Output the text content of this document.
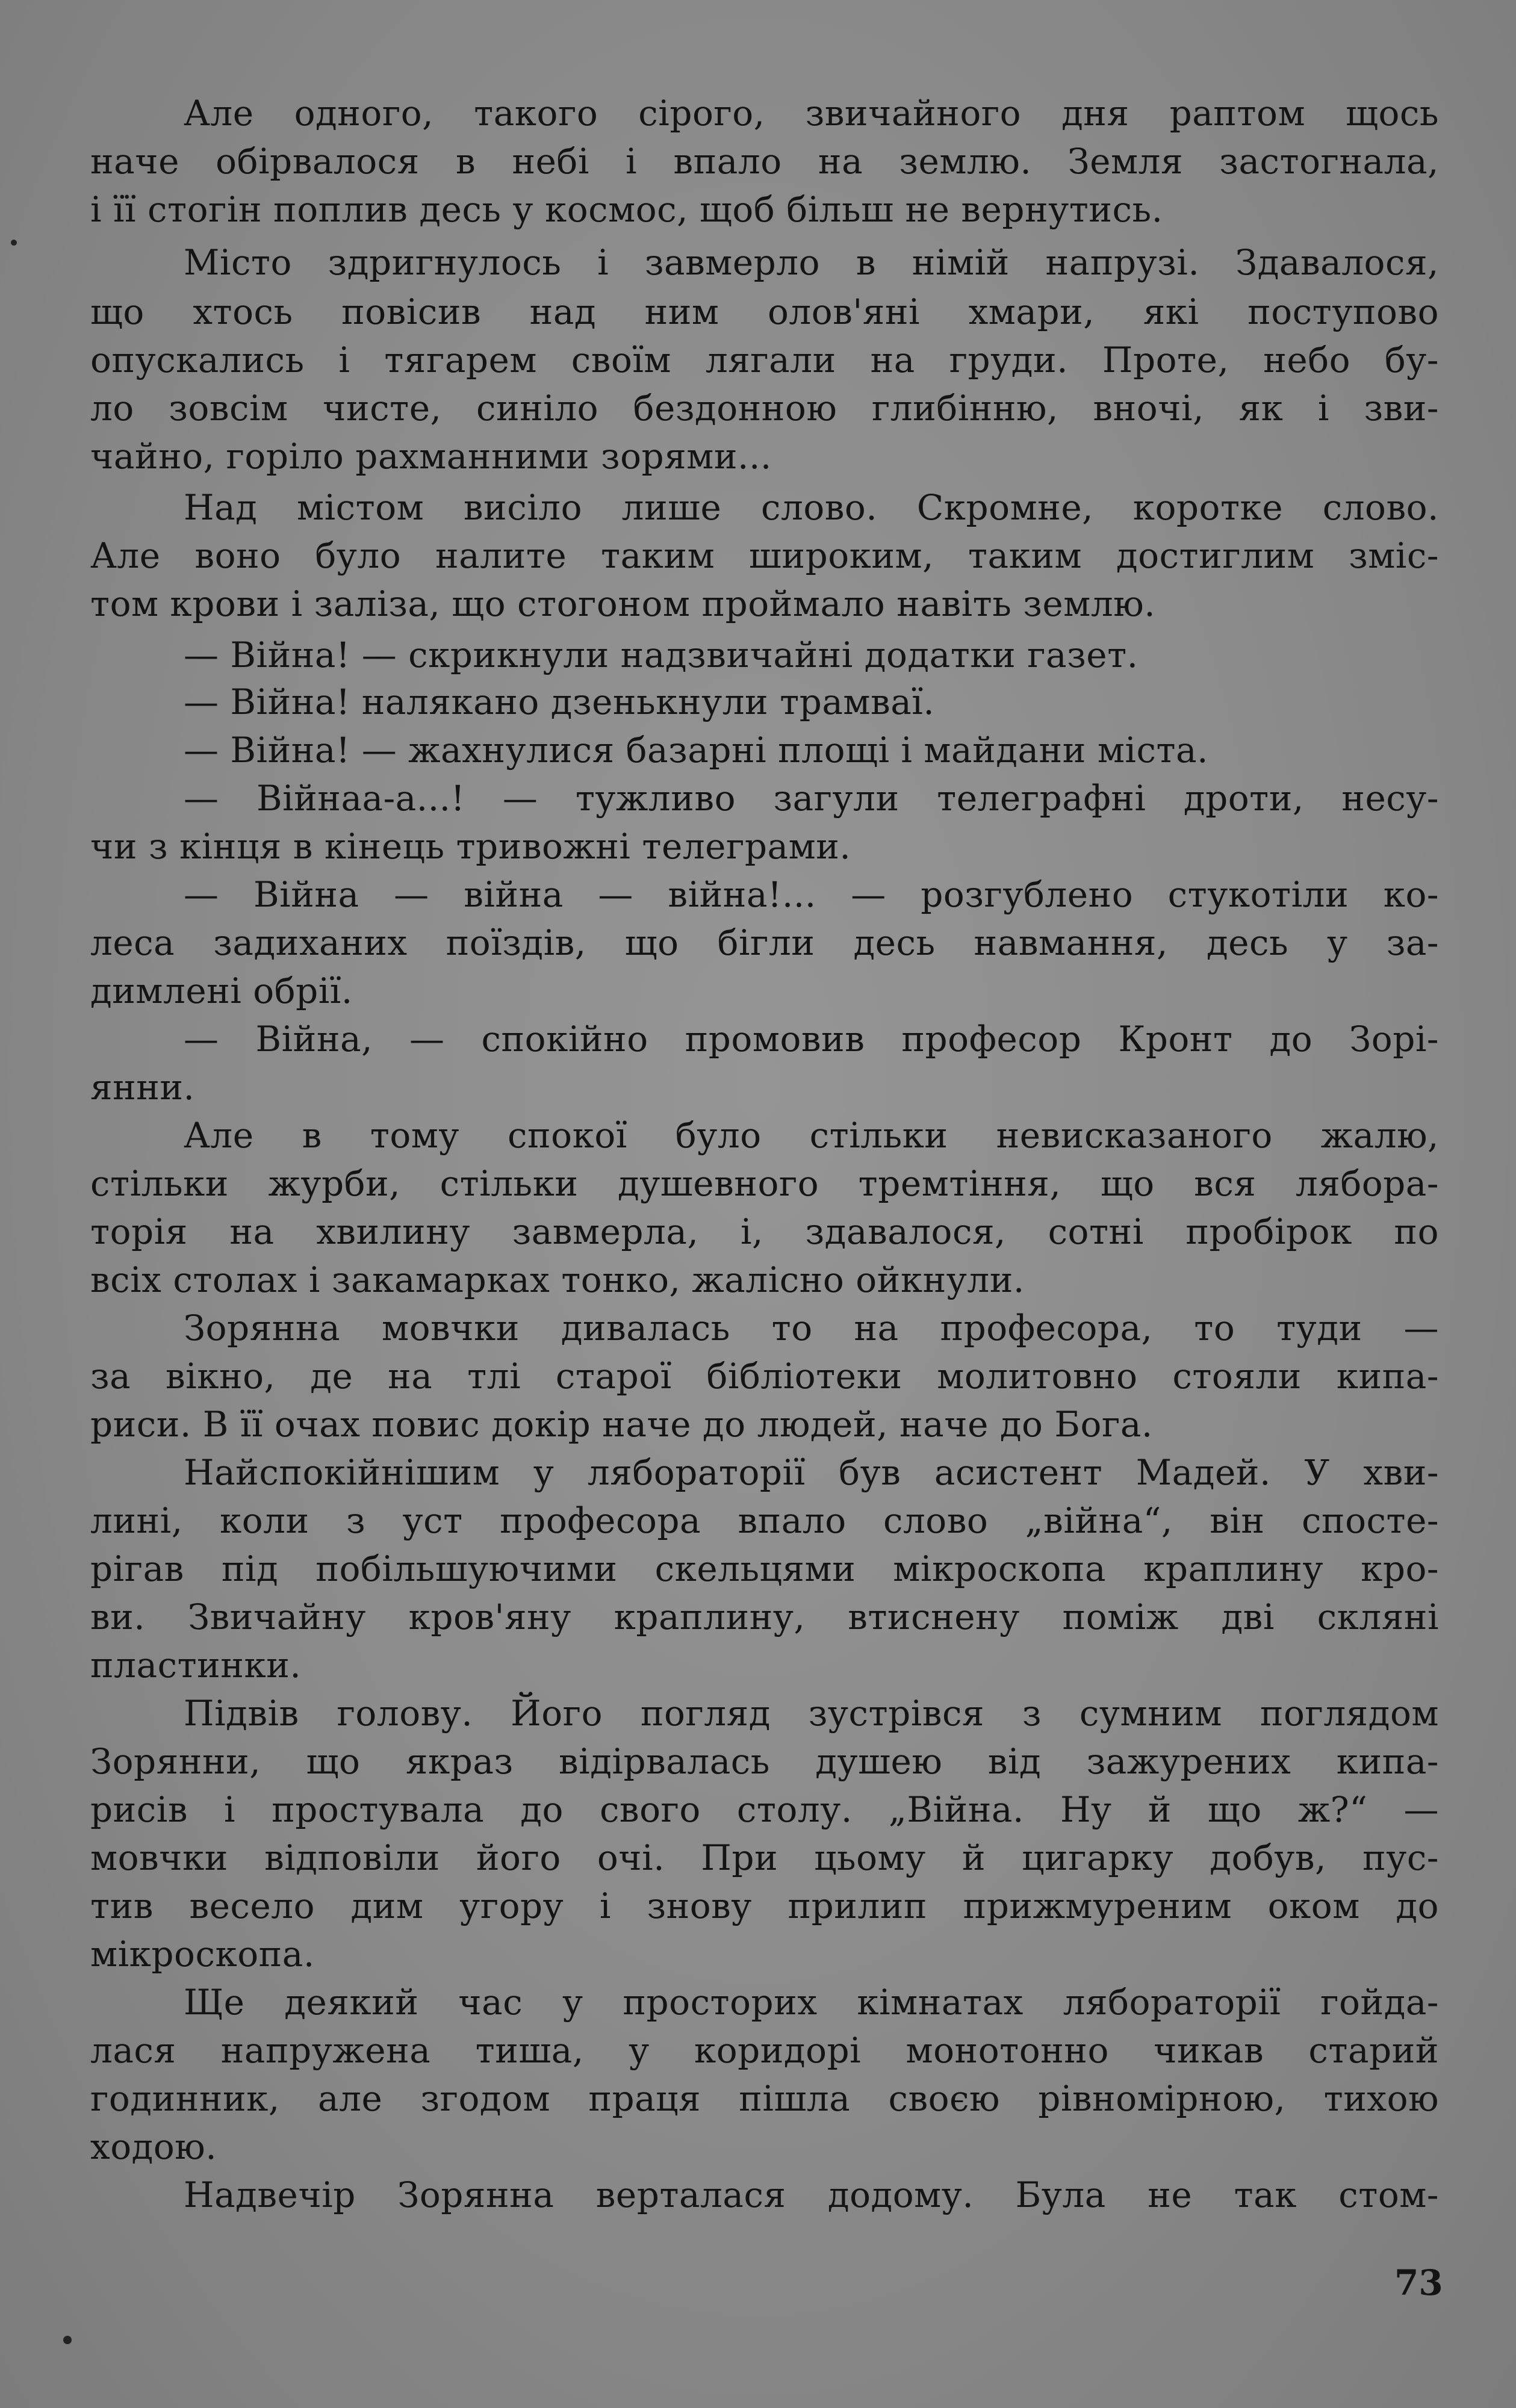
Але одного, такого сірого, звичайного дня раптом щось
наче обірвалося в небі і впало на землю. Земля застогнала,
і її стогін поплив десь у космос, щоб більш не вернутись.
Місто здригнулось і завмерло в німій напрузі. Здавалося,
що хтось повісив над ним олов'яні хмари, які поступово
опускались і тягарем своїм лягали на груди. Проте, небо бу-
ло зовсім чисте, синіло бездонною глибінню, вночі, як і зви-
чайно, горіло рахманними зорями...
Над містом висіло лише слово. Скромне, коротке слово.
Але воно було налите таким широким, таким достиглим зміс-
том крови і заліза, що стогоном проймало навіть землю.
— Війна! — скрикнули надзвичайні додатки газет.
— Війна! налякано дзенькнули трамваї.
— Війна! — жахнулися базарні площі і майдани міста.
— Війнаа-а...! — тужливо загули телеграфні дроти, несу-
чи з кінця в кінець тривожні телеграми.
— Війна — війна — війна!... — розгублено стукотіли ко-
леса задиханих поїздів, що бігли десь навмання, десь у за-
димлені обрії.
— Війна, — спокійно промовив професор Кронт до Зорі-
янни.
Але в тому спокої було стільки невисказаного жалю,
стільки журби, стільки душевного тремтіння, що вся лябора-
торія на хвилину завмерла, і, здавалося, сотні пробірок по
всіх столах і закамарках тонко, жалісно ойкнули.
Зорянна мовчки дивалась то на професора, то туди —
за вікно, де на тлі старої бібліотеки молитовно стояли кипа-
риси. В її очах повис докір наче до людей, наче до Бога.
Найспокійнішим у лябораторії був асистент Мадей. У хви-
лині, коли з уст професора впало слово „війна“, він спосте-
рігав під побільшуючими скельцями мікроскопа краплину кро-
ви. Звичайну кров'яну краплину, втиснену поміж дві скляні
пластинки.
Підвів голову. Його погляд зустрівся з сумним поглядом
Зорянни, що якраз відірвалась душею від зажурених кипа-
рисів і простувала до свого столу. „Війна. Ну й що ж?“ —
мовчки відповіли його очі. При цьому й цигарку добув, пус-
тив весело дим угору і знову прилип прижмуреним оком до
мікроскопа.
Ще деякий час у просторих кімнатах лябораторії гойда-
лася напружена тиша, у коридорі монотонно чикав старий
годинник, але згодом праця пішла своєю рівномірною, тихою
ходою.
Надвечір Зорянна верталася додому. Була не так стом-
73
